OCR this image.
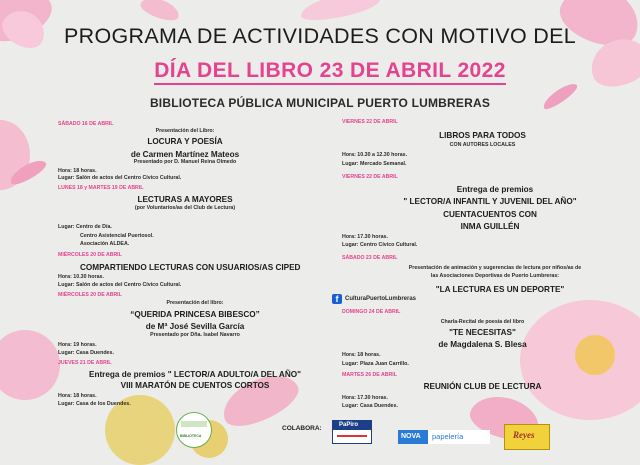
PROGRAMA DE ACTIVIDADES CON MOTIVO DEL
DÍA DEL LIBRO 23 DE ABRIL 2022
BIBLIOTECA PÚBLICA MUNICIPAL PUERTO LUMBRERAS
SÁBADO 16 DE ABRIL
Presentación del Libro:
LOCURA Y POESÍA
de Carmen Martínez Mateos
Presentado por D. Manuel Reina Olmedo
Hora: 18 horas.
Lugar: Salón de actos del Centro Cívico Cultural.
LUNES 18 y MARTES 19 DE ABRIL
LECTURAS A MAYORES
(por Voluntarios/as del Club de Lectura)
Lugar: Centro de Día.
Centro Asistencial Puertosol.
Asociación ALDEA.
MIÉRCOLES 20 DE ABRIL
COMPARTIENDO LECTURAS CON USUARIOS/AS CIPED
Hora: 10.30 horas.
Lugar: Salón de actos del Centro Cívico Cultural.
MIÉRCOLES 20 DE ABRIL
Presentación del libro:
“QUERIDA PRINCESA BIBESCO”
de Mª José Sevilla García
Presentado por Dña. Isabel Navarro
Hora: 19 horas.
Lugar: Casa Duendes.
JUEVES 21 DE ABRIL
Entrega de premios " LECTOR/A ADULTO/A DEL AÑO"
VIII MARATÓN DE CUENTOS CORTOS
Hora: 18 horas.
Lugar: Casa de los Duendes.
VIERNES 22 DE ABRIL
LIBROS PARA TODOS
CON AUTORES LOCALES
Hora: 10.30 a 12.30 horas.
Lugar: Mercado Semanal.
VIERNES 22 DE ABRIL
Entrega de premios
" LECTOR/A INFANTIL Y JUVENIL DEL AÑO"
CUENTACUENTOS CON
INMA GUILLÉN
Hora: 17.30 horas.
Lugar: Centro Cívico Cultural.
SÁBADO 23 DE ABRIL
Presentación de animación y sugerencias de lectura por niños/as de
las Asociaciones Deportivas de Puerto Lumbreras:
"LA LECTURA ES UN DEPORTE"
f	CulturaPuertoLumbreras
DOMINGO 24 DE ABRIL
Charla-Recital de poesía del libro
"TE NECESITAS"
de Magdalena S. Blesa
Hora: 18 horas.
Lugar: Plaza Juan Carrillo.
MARTES 26 DE ABRIL
REUNIÓN CLUB DE LECTURA
Hora: 17.30 horas.
Lugar: Casa Duendes.
BIBLIOTECA
COLABORA:	PaPiro
NOVA papelería	Reyes
